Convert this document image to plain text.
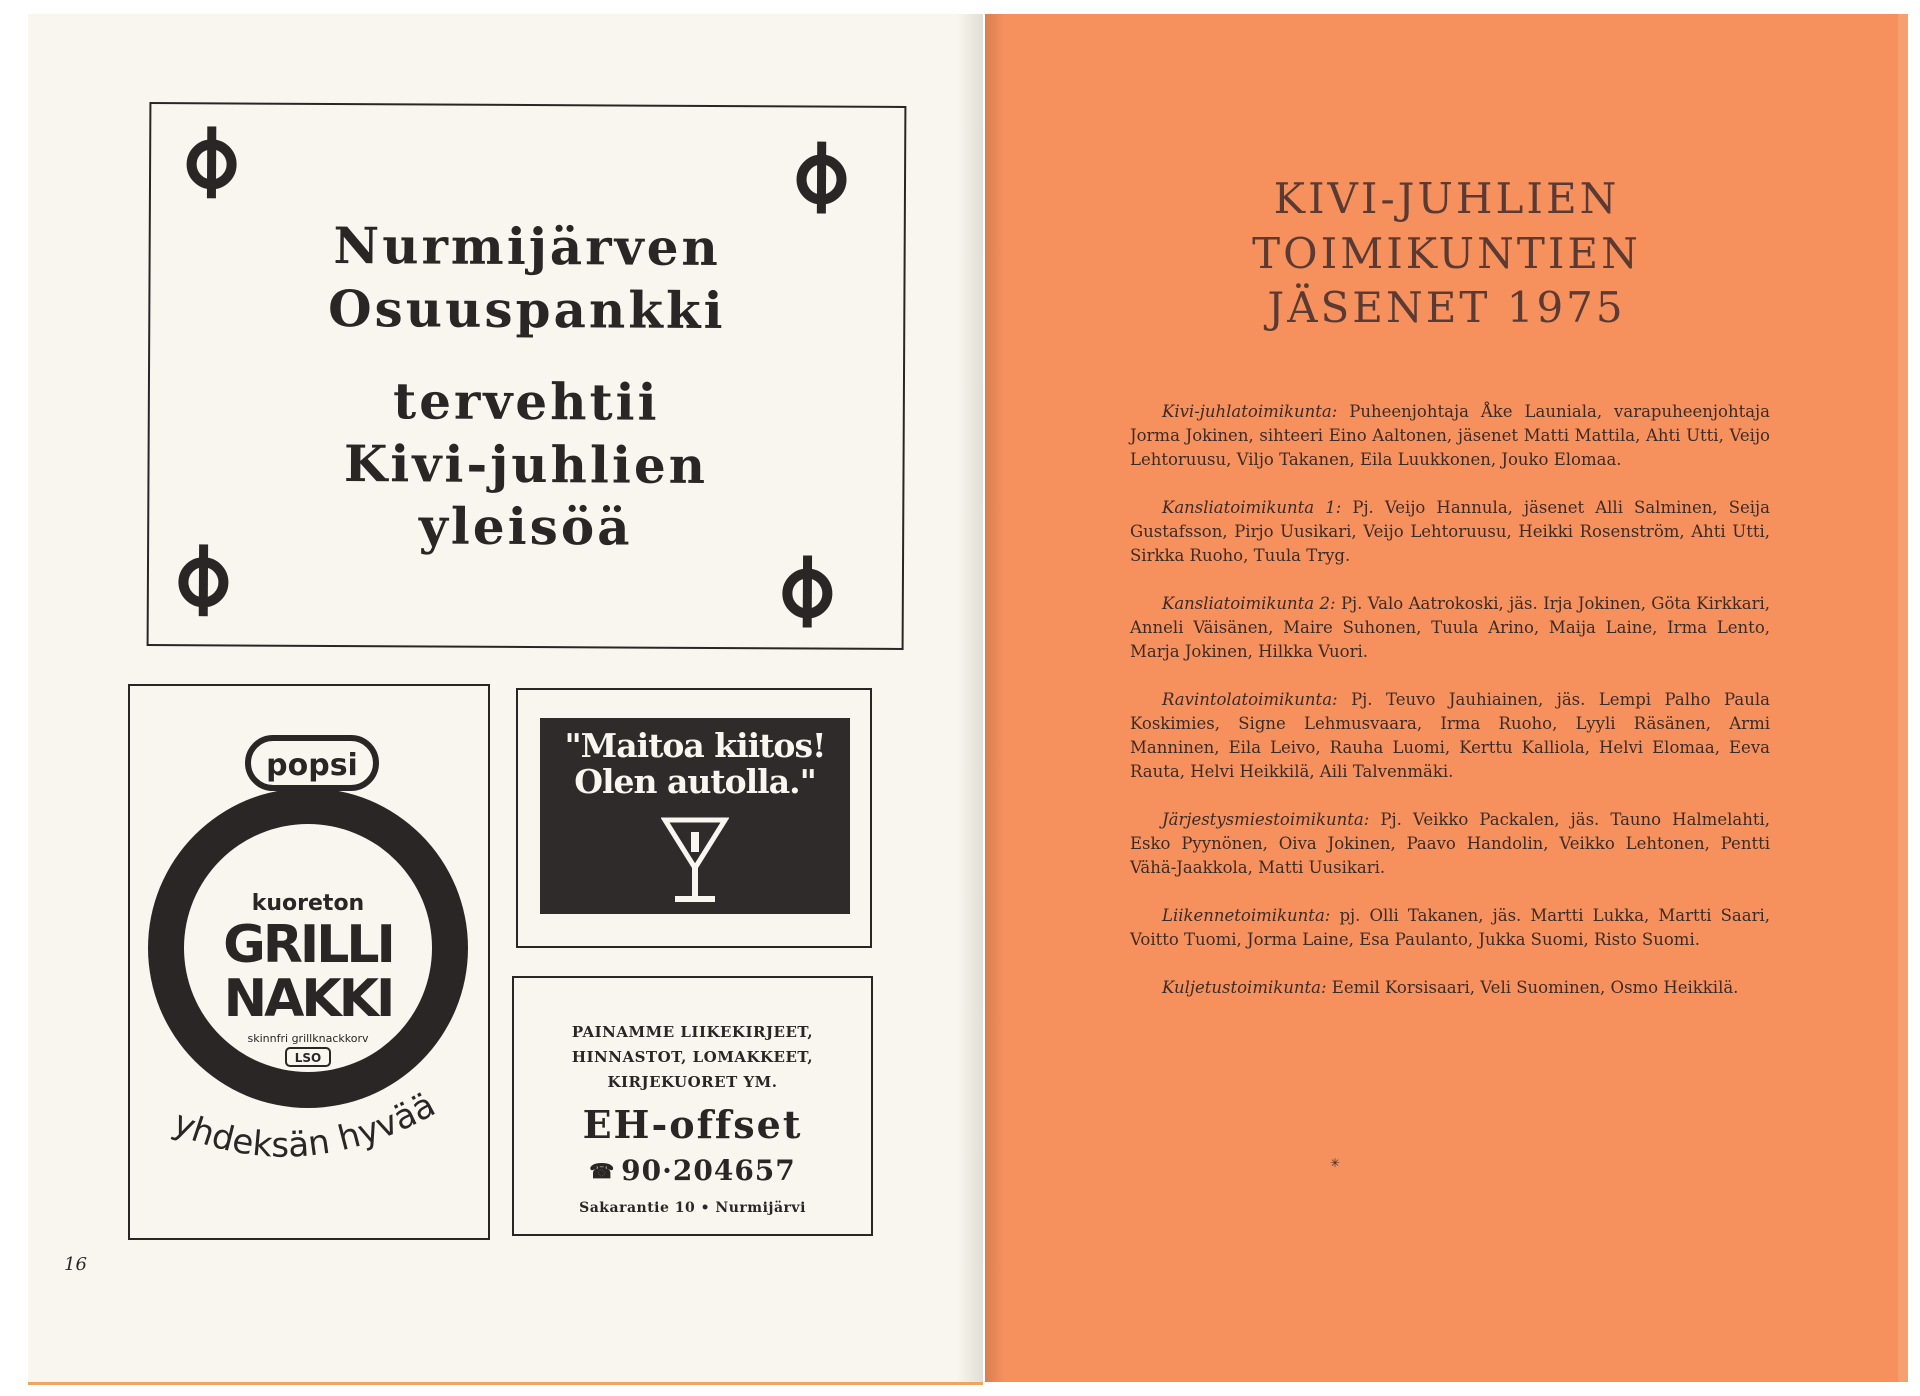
Nurmijärven
Osuuspankki
tervehtii
Kivi-juhlien
yleisöä
popsi
kuoreton
GRILLI
NAKKI
skinnfri grillknackkorv
LSO
yhdeksän hyvää
"Maitoa kiitos!
Olen autolla."
PAINAMME LIIKEKIRJEET,
HINNASTOT, LOMAKKEET,
KIRJEKUORET YM.
EH-offset
☎ 90·204657
Sakarantie 10 • Nurmijärvi
16
KIVI-JUHLIEN
TOIMIKUNTIEN
JÄSENET 1975

Kivi-juhlatoimikunta: Puheenjohtaja Åke Launiala, varapuheenjohtaja Jorma Jokinen, sihteeri Eino Aaltonen, jäsenet Matti Mattila, Ahti Utti, Veijo Lehtoruusu, Viljo Takanen, Eila Luukkonen, Jouko Elomaa.

Kansliatoimikunta 1: Pj. Veijo Hannula, jäsenet Alli Salminen, Seija Gustafsson, Pirjo Uusikari, Veijo Lehtoruusu, Heikki Rosenström, Ahti Utti, Sirkka Ruoho, Tuula Tryg.

Kansliatoimikunta 2: Pj. Valo Aatrokoski, jäs. Irja Jokinen, Göta Kirkkari, Anneli Väisänen, Maire Suhonen, Tuula Arino, Maija Laine, Irma Lento, Marja Jokinen, Hilkka Vuori.

Ravintolatoimikunta: Pj. Teuvo Jauhiainen, jäs. Lempi Palho Paula Koskimies, Signe Lehmusvaara, Irma Ruoho, Lyyli Räsänen, Armi Manninen, Eila Leivo, Rauha Luomi, Kerttu Kalliola, Helvi Elomaa, Eeva Rauta, Helvi Heikkilä, Aili Talvenmäki.

Järjestysmiestoimikunta: Pj. Veikko Packalen, jäs. Tauno Halmelahti, Esko Pyynönen, Oiva Jokinen, Paavo Handolin, Veikko Lehtonen, Pentti Vähä-Jaakkola, Matti Uusikari.

Liikennetoimikunta: pj. Olli Takanen, jäs. Martti Lukka, Martti Saari, Voitto Tuomi, Jorma Laine, Esa Paulanto, Jukka Suomi, Risto Suomi.

Kuljetustoimikunta: Eemil Korsisaari, Veli Suominen, Osmo Heikkilä.

✳
